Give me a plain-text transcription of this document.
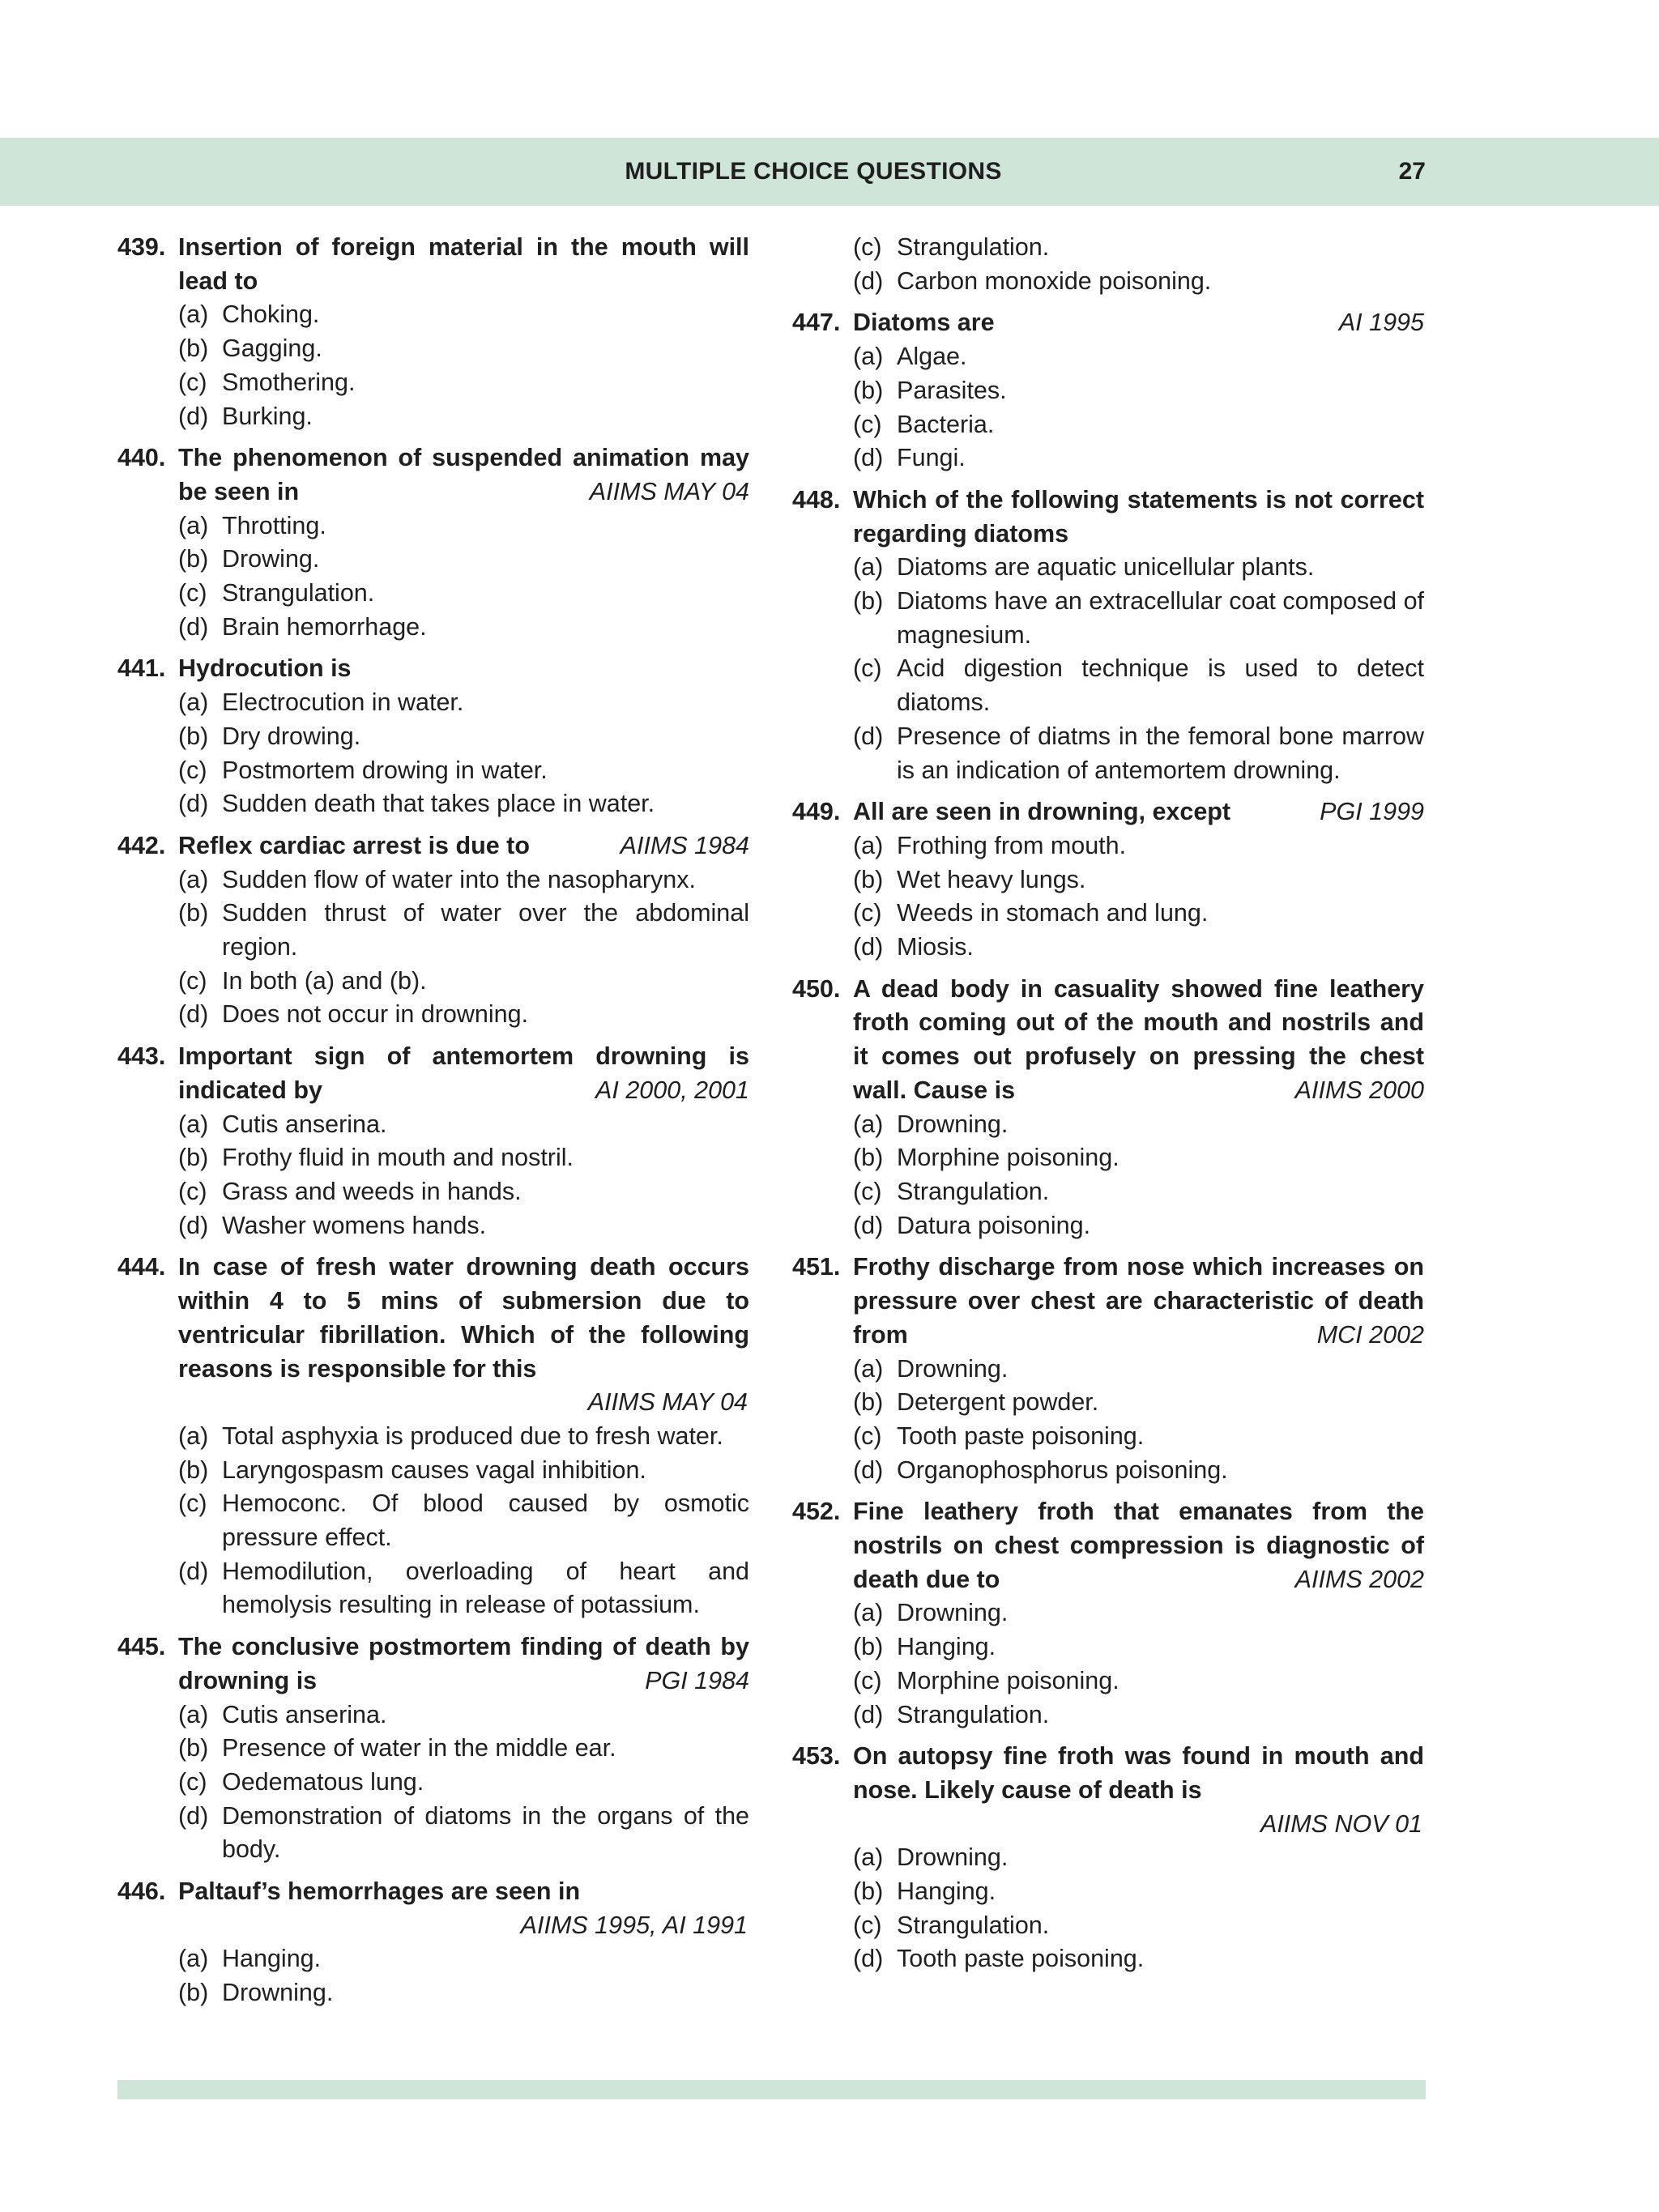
MULTIPLE CHOICE QUESTIONS	27
439. Insertion of foreign material in the mouth will lead to
(a) Choking.
(b) Gagging.
(c) Smothering.
(d) Burking.
440. The phenomenon of suspended animation may be seen in	AIIMS MAY 04
(a) Throtting.
(b) Drowing.
(c) Strangulation.
(d) Brain hemorrhage.
441. Hydrocution is
(a) Electrocution in water.
(b) Dry drowing.
(c) Postmortem drowing in water.
(d) Sudden death that takes place in water.
442. Reflex cardiac arrest is due to	AIIMS 1984
(a) Sudden flow of water into the nasopharynx.
(b) Sudden thrust of water over the abdominal region.
(c) In both (a) and (b).
(d) Does not occur in drowning.
443. Important sign of antemortem drowning is indicated by	AI 2000, 2001
(a) Cutis anserina.
(b) Frothy fluid in mouth and nostril.
(c) Grass and weeds in hands.
(d) Washer womens hands.
444. In case of fresh water drowning death occurs within 4 to 5 mins of submersion due to ventricular fibrillation. Which of the following reasons is responsible for this
AIIMS MAY 04
(a) Total asphyxia is produced due to fresh water.
(b) Laryngospasm causes vagal inhibition.
(c) Hemoconc. Of blood caused by osmotic pressure effect.
(d) Hemodilution, overloading of heart and hemolysis resulting in release of potassium.
445. The conclusive postmortem finding of death by drowning is	PGI 1984
(a) Cutis anserina.
(b) Presence of water in the middle ear.
(c) Oedematous lung.
(d) Demonstration of diatoms in the organs of the body.
446. Paltauf’s hemorrhages are seen in
AIIMS 1995, AI 1991
(a) Hanging.
(b) Drowning.
(c) Strangulation.
(d) Carbon monoxide poisoning.
447. Diatoms are	AI 1995
(a) Algae.
(b) Parasites.
(c) Bacteria.
(d) Fungi.
448. Which of the following statements is not correct regarding diatoms
(a) Diatoms are aquatic unicellular plants.
(b) Diatoms have an extracellular coat composed of magnesium.
(c) Acid digestion technique is used to detect diatoms.
(d) Presence of diatms in the femoral bone marrow is an indication of antemortem drowning.
449. All are seen in drowning, except	PGI 1999
(a) Frothing from mouth.
(b) Wet heavy lungs.
(c) Weeds in stomach and lung.
(d) Miosis.
450. A dead body in casuality showed fine leathery froth coming out of the mouth and nostrils and it comes out profusely on pressing the chest wall. Cause is	AIIMS 2000
(a) Drowning.
(b) Morphine poisoning.
(c) Strangulation.
(d) Datura poisoning.
451. Frothy discharge from nose which increases on pressure over chest are characteristic of death from	MCI 2002
(a) Drowning.
(b) Detergent powder.
(c) Tooth paste poisoning.
(d) Organophosphorus poisoning.
452. Fine leathery froth that emanates from the nostrils on chest compression is diagnostic of death due to	AIIMS 2002
(a) Drowning.
(b) Hanging.
(c) Morphine poisoning.
(d) Strangulation.
453. On autopsy fine froth was found in mouth and nose. Likely cause of death is
AIIMS NOV 01
(a) Drowning.
(b) Hanging.
(c) Strangulation.
(d) Tooth paste poisoning.
